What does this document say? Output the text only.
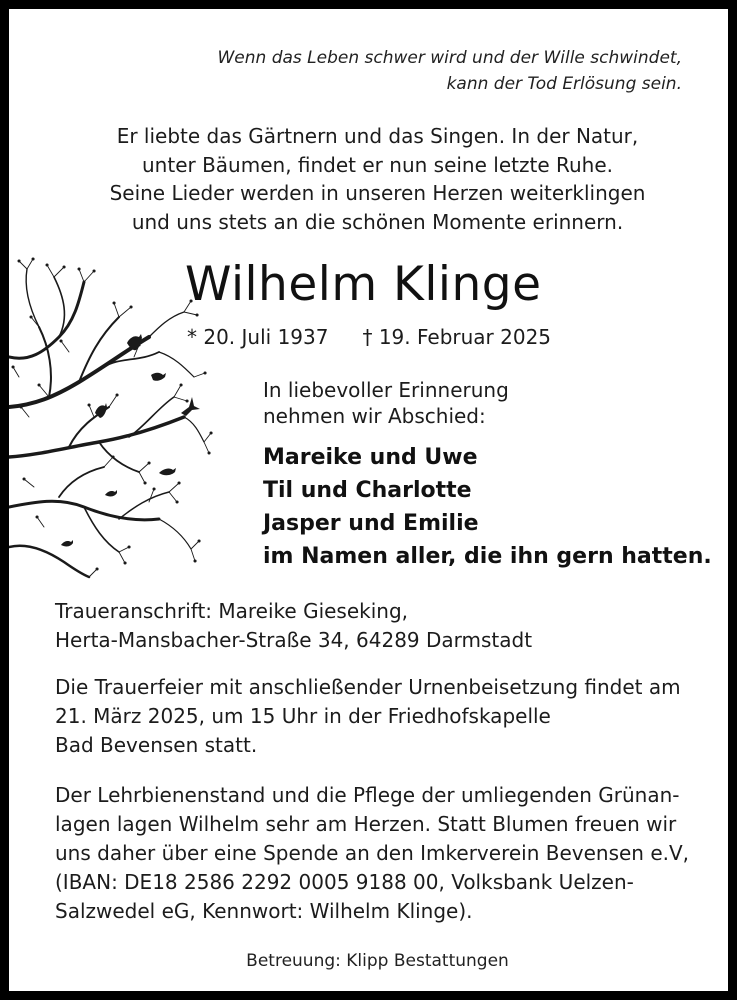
Wenn das Leben schwer wird und der Wille schwindet,
kann der Tod Erlösung sein.
Er liebte das Gärtnern und das Singen. In der Natur,
unter Bäumen, findet er nun seine letzte Ruhe.
Seine Lieder werden in unseren Herzen weiterklingen
und uns stets an die schönen Momente erinnern.
Wilhelm Klinge
* 20. Juli 1937 † 19. Februar 2025
In liebevoller Erinnerung
nehmen wir Abschied:
Mareike und Uwe
Til und Charlotte
Jasper und Emilie
im Namen aller, die ihn gern hatten.
Traueranschrift: Mareike Gieseking,
Herta-Mansbacher-Straße 34, 64289 Darmstadt
Die Trauerfeier mit anschließender Urnenbeisetzung findet am
21. März 2025, um 15 Uhr in der Friedhofskapelle
Bad Bevensen statt.
Der Lehrbienenstand und die Pflege der umliegenden Grünan-
lagen lagen Wilhelm sehr am Herzen. Statt Blumen freuen wir
uns daher über eine Spende an den Imkerverein Bevensen e.V,
(IBAN: DE18 2586 2292 0005 9188 00, Volksbank Uelzen-
Salzwedel eG, Kennwort: Wilhelm Klinge).
Betreuung: Klipp Bestattungen
